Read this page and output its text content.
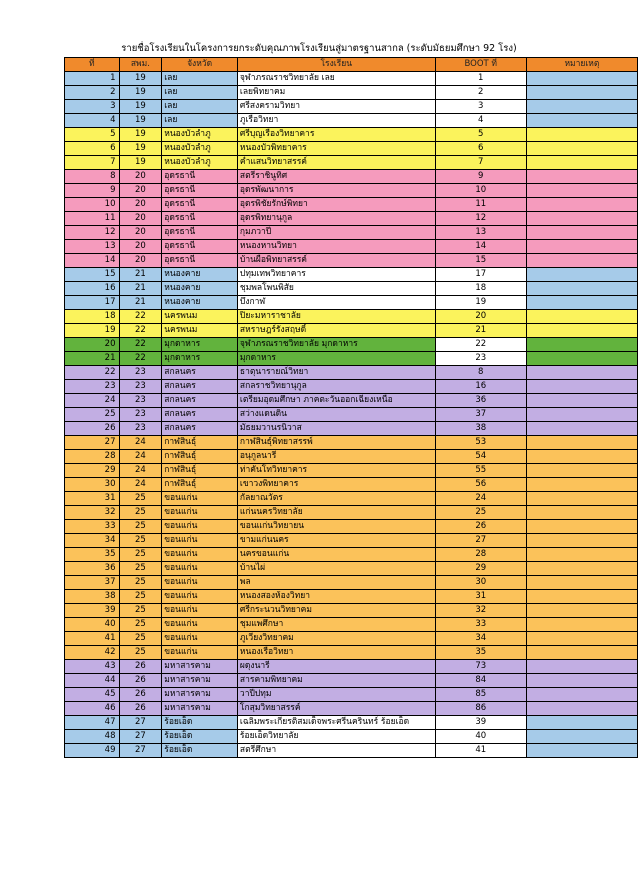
รายชื่อโรงเรียนในโครงการยกระดับคุณภาพโรงเรียนสู่มาตรฐานสากล (ระดับมัธยมศึกษา 92 โรง)
ที่	สพม.	จังหวัด	โรงเรียน	BOOT ที่	หมายเหตุ
1	19	เลย	จุฬาภรณราชวิทยาลัย เลย	1	
2	19	เลย	เลยพิทยาคม	2	
3	19	เลย	ศรีสงครามวิทยา	3	
4	19	เลย	ภูเรือวิทยา	4	
5	19	หนองบัวลำภู	ศรีบุญเรืองวิทยาคาร	5	
6	19	หนองบัวลำภู	หนองบัวพิทยาคาร	6	
7	19	หนองบัวลำภู	ค่ำแสนวิทยาสรรค์	7	
8	20	อุดรธานี	สตรีราชินูทิศ	9	
9	20	อุดรธานี	อุดรพัฒนาการ	10	
10	20	อุดรธานี	อุดรพิชัยรักษ์พิทยา	11	
11	20	อุดรธานี	อุดรพิทยานุกูล	12	
12	20	อุดรธานี	กุมภวาปี	13	
13	20	อุดรธานี	หนองหานวิทยา	14	
14	20	อุดรธานี	บ้านผือพิทยาสรรค์	15	
15	21	หนองคาย	ปทุมเทพวิทยาคาร	17	
16	21	หนองคาย	ชุมพลโพนพิสัย	18	
17	21	หนองคาย	บึงกาฬ	19	
18	22	นครพนม	ปิยะมหาราชาลัย	20	
19	22	นครพนม	สหราษฎร์รังสฤษดิ์	21	
20	22	มุกดาหาร	จุฬาภรณราชวิทยาลัย มุกดาหาร	22	
21	22	มุกดาหาร	มุกดาหาร	23	
22	23	สกลนคร	ธาตุนารายณ์วิทยา	8	
23	23	สกลนคร	สกลราชวิทยานุกูล	16	
24	23	สกลนคร	เตรียมอุดมศึกษา ภาคตะวันออกเฉียงเหนือ	36	
25	23	สกลนคร	สว่างแดนดิน	37	
26	23	สกลนคร	มัธยมวานรนิวาส	38	
27	24	กาฬสินธุ์	กาฬสินธุ์พิทยาสรรพ์	53	
28	24	กาฬสินธุ์	อนุกูลนารี	54	
29	24	กาฬสินธุ์	ท่าคันโทวิทยาคาร	55	
30	24	กาฬสินธุ์	เขาวงพิทยาคาร	56	
31	25	ขอนแก่น	กัลยาณวัตร	24	
32	25	ขอนแก่น	แก่นนครวิทยาลัย	25	
33	25	ขอนแก่น	ขอนแก่นวิทยายน	26	
34	25	ขอนแก่น	ขามแก่นนคร	27	
35	25	ขอนแก่น	นครขอนแก่น	28	
36	25	ขอนแก่น	บ้านไผ่	29	
37	25	ขอนแก่น	พล	30	
38	25	ขอนแก่น	หนองสองห้องวิทยา	31	
39	25	ขอนแก่น	ศรีกระนวนวิทยาคม	32	
40	25	ขอนแก่น	ชุมแพศึกษา	33	
41	25	ขอนแก่น	ภูเวียงวิทยาคม	34	
42	25	ขอนแก่น	หนองเรือวิทยา	35	
43	26	มหาสารคาม	ผดุงนารี	73	
44	26	มหาสารคาม	สารคามพิทยาคม	84	
45	26	มหาสารคาม	วาปีปทุม	85	
46	26	มหาสารคาม	โกสุมวิทยาสรรค์	86	
47	27	ร้อยเอ็ด	เฉลิมพระเกียรติสมเด็จพระศรีนครินทร์ ร้อยเอ็ด	39	
48	27	ร้อยเอ็ด	ร้อยเอ็ดวิทยาลัย	40	
49	27	ร้อยเอ็ด	สตรีศึกษา	41	
